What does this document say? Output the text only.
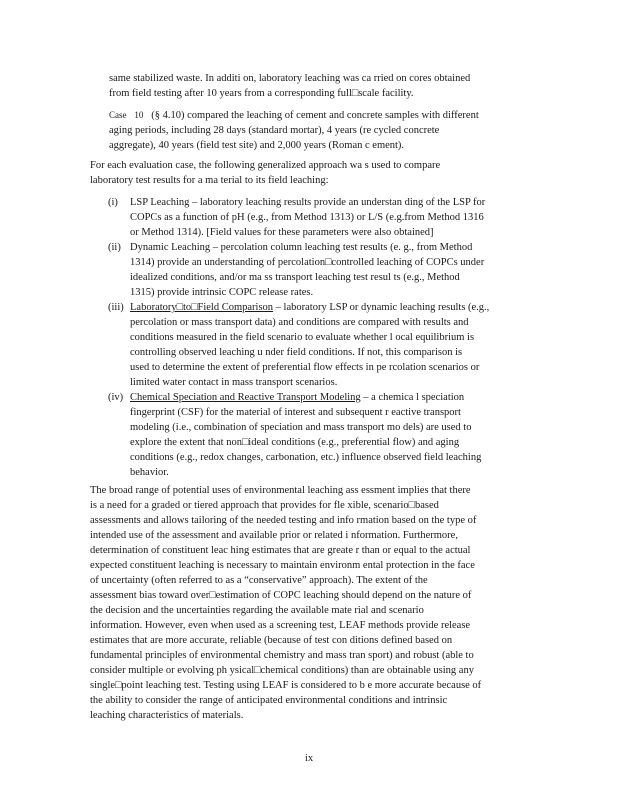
same stabilized waste. In additi on, laboratory leaching was ca rried on cores obtained
from field testing after 10 years from a corresponding full□scale facility.
Case 10 (§ 4.10) compared the leaching of cement and concrete samples with different
aging periods, including 28 days (standard mortar), 4 years (re cycled concrete
aggregate), 40 years (field test site) and 2,000 years (Roman c ement).
For each evaluation case, the following generalized approach wa s used to compare
laboratory test results for a ma terial to its field leaching:
(i)	LSP Leaching – laboratory leaching results provide an understan ding of the LSP for
COPCs as a function of pH (e.g., from Method 1313) or L/S (e.g.from Method 1316
or Method 1314). [Field values for these parameters were also obtained]
(ii) Dynamic Leaching – percolation column leaching test results (e. g., from Method
1314) provide an understanding of percolation□controlled leaching of COPCs under
idealized conditions, and/or ma ss transport leaching test resul ts (e.g., Method
1315) provide intrinsic COPC release rates.
(iii) Laboratory□to□Field Comparison – laboratory LSP or dynamic leaching results (e.g.,
percolation or mass transport data) and conditions are compared with results and
conditions measured in the field scenario to evaluate whether l ocal equilibrium is
controlling observed leaching u nder field conditions. If not, this comparison is
used to determine the extent of preferential flow effects in pe rcolation scenarios or
limited water contact in mass transport scenarios.
(iv) Chemical Speciation and Reactive Transport Modeling – a chemica l speciation
fingerprint (CSF) for the material of interest and subsequent r eactive transport
modeling (i.e., combination of speciation and mass transport mo dels) are used to
explore the extent that non□ideal conditions (e.g., preferential flow) and aging
conditions (e.g., redox changes, carbonation, etc.) influence observed field leaching
behavior.
The broad range of potential uses of environmental leaching ass essment implies that there
is a need for a graded or tiered approach that provides for fle xible, scenario□based
assessments and allows tailoring of the needed testing and info rmation based on the type of
intended use of the assessment and available prior or related i nformation. Furthermore,
determination of constituent leac hing estimates that are greate r than or equal to the actual
expected constituent leaching is necessary to maintain environm ental protection in the face
of uncertainty (often referred to as a “conservative” approach). The extent of the
assessment bias toward over□estimation of COPC leaching should depend on the nature of
the decision and the uncertainties regarding the available mate rial and scenario
information. However, even when used as a screening test, LEAF methods provide release
estimates that are more accurate, reliable (because of test con ditions defined based on
fundamental principles of environmental chemistry and mass tran sport) and robust (able to
consider multiple or evolving ph ysical□chemical conditions) than are obtainable using any
single□point leaching test. Testing using LEAF is considered to b e more accurate because of
the ability to consider the range of anticipated environmental conditions and intrinsic
leaching characteristics of materials.
ix
